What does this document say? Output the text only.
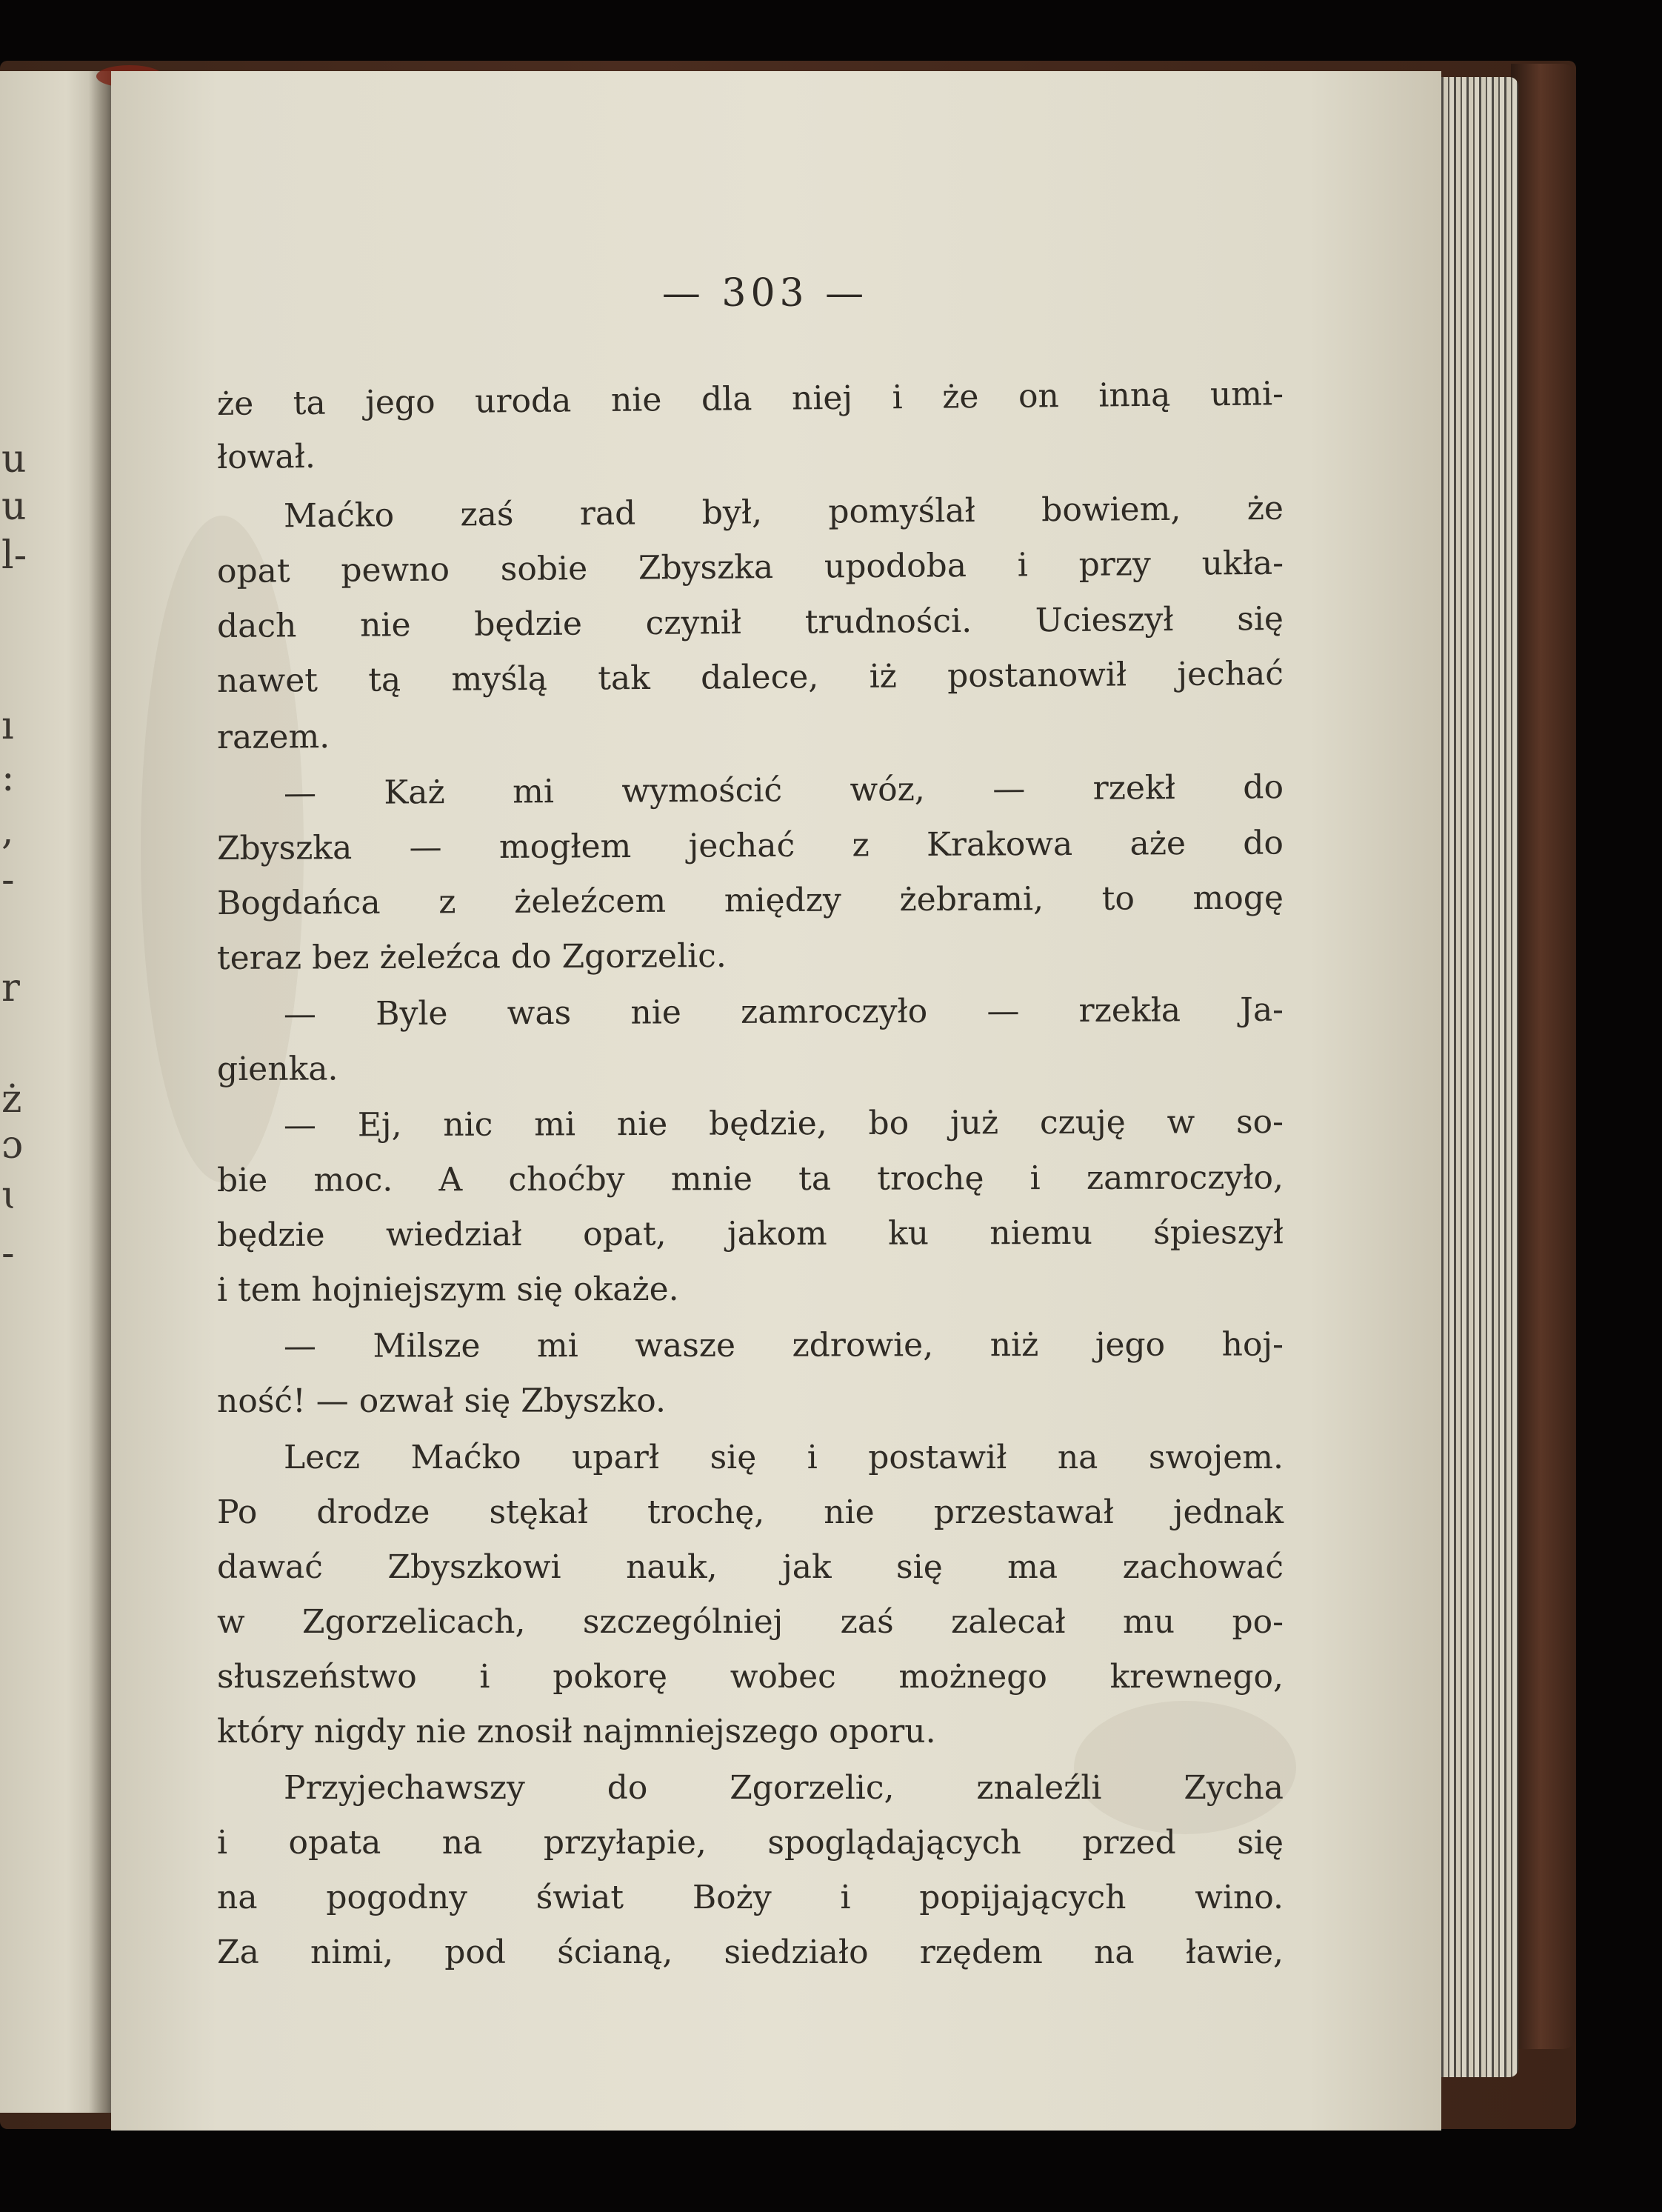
u
u
l-
ı
:
,
-
r
ż
ɔ
ɩ
-
— 303 —
że ta jego uroda nie dla niej i że on inną umi-
łował.
Maćko zaś rad był, pomyślał bowiem, że
opat pewno sobie Zbyszka upodoba i przy ukła-
dach nie będzie czynił trudności. Ucieszył się
nawet tą myślą tak dalece, iż postanowił jechać
razem.
— Każ mi wymościć wóz, — rzekł do
Zbyszka — mogłem jechać z Krakowa aże do
Bogdańca z żeleźcem między żebrami, to mogę
teraz bez żeleźca do Zgorzelic.
— Byle was nie zamroczyło — rzekła Ja-
gienka.
— Ej, nic mi nie będzie, bo już czuję w so-
bie moc. A choćby mnie ta trochę i zamroczyło,
będzie wiedział opat, jakom ku niemu śpieszył
i tem hojniejszym się okaże.
— Milsze mi wasze zdrowie, niż jego hoj-
ność! — ozwał się Zbyszko.
Lecz Maćko uparł się i postawił na swojem.
Po drodze stękał trochę, nie przestawał jednak
dawać Zbyszkowi nauk, jak się ma zachować
w Zgorzelicach, szczególniej zaś zalecał mu po-
słuszeństwo i pokorę wobec możnego krewnego,
który nigdy nie znosił najmniejszego oporu.
Przyjechawszy do Zgorzelic, znaleźli Zycha
i opata na przyłapie, spoglądających przed się
na pogodny świat Boży i popijających wino.
Za nimi, pod ścianą, siedziało rzędem na ławie,
